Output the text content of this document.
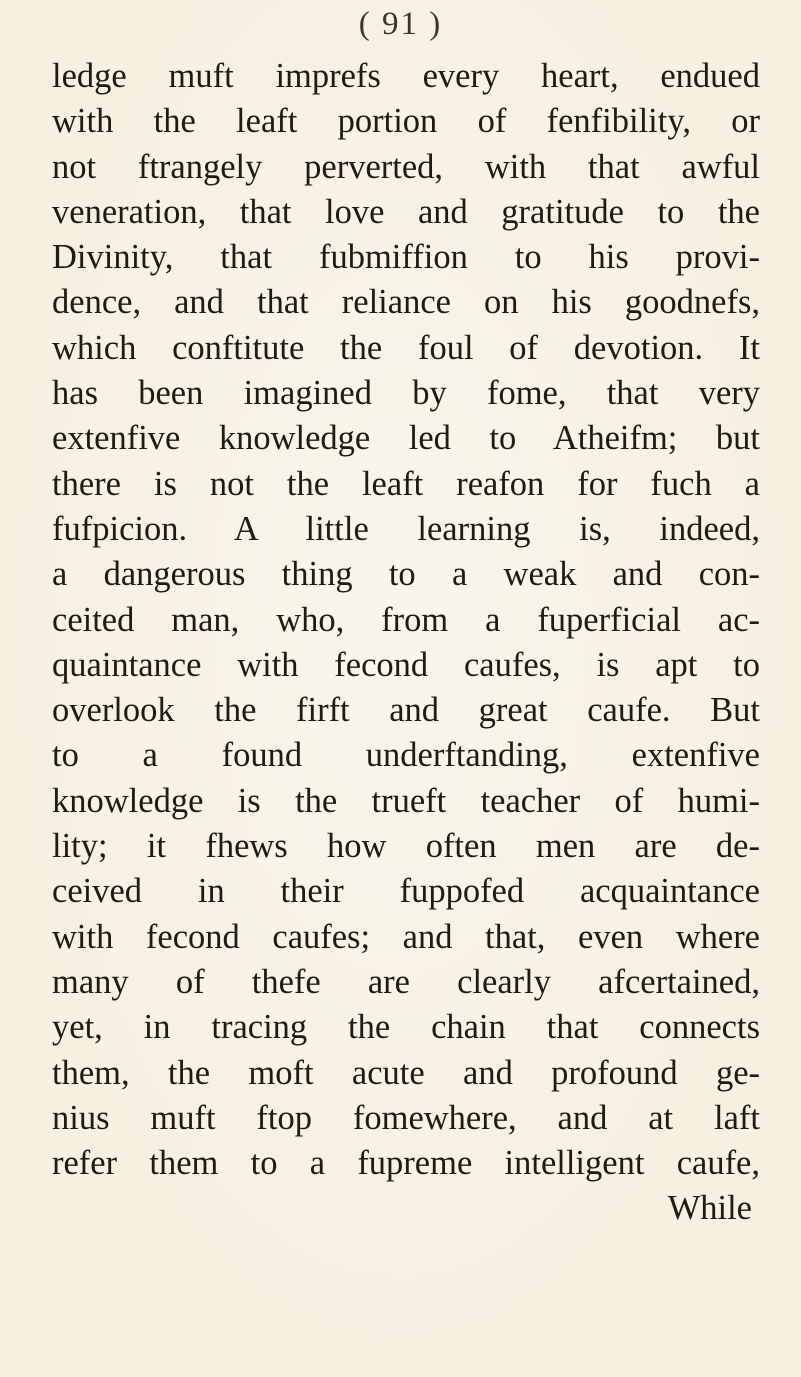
( 91 )
ledge muft imprefs every heart, endued
with the leaft portion of fenfibility, or
not ftrangely perverted, with that awful
veneration, that love and gratitude to the
Divinity, that fubmiffion to his provi-
dence, and that reliance on his goodnefs,
which conftitute the foul of devotion. It
has been imagined by fome, that very
extenfive knowledge led to Atheifm; but
there is not the leaft reafon for fuch a
fufpicion. A little learning is, indeed,
a dangerous thing to a weak and con-
ceited man, who, from a fuperficial ac-
quaintance with fecond caufes, is apt to
overlook the firft and great caufe. But
to a found underftanding, extenfive
knowledge is the trueft teacher of humi-
lity; it fhews how often men are de-
ceived in their fuppofed acquaintance
with fecond caufes; and that, even where
many of thefe are clearly afcertained,
yet, in tracing the chain that connects
them, the moft acute and profound ge-
nius muft ftop fomewhere, and at laft
refer them to a fupreme intelligent caufe,
While
